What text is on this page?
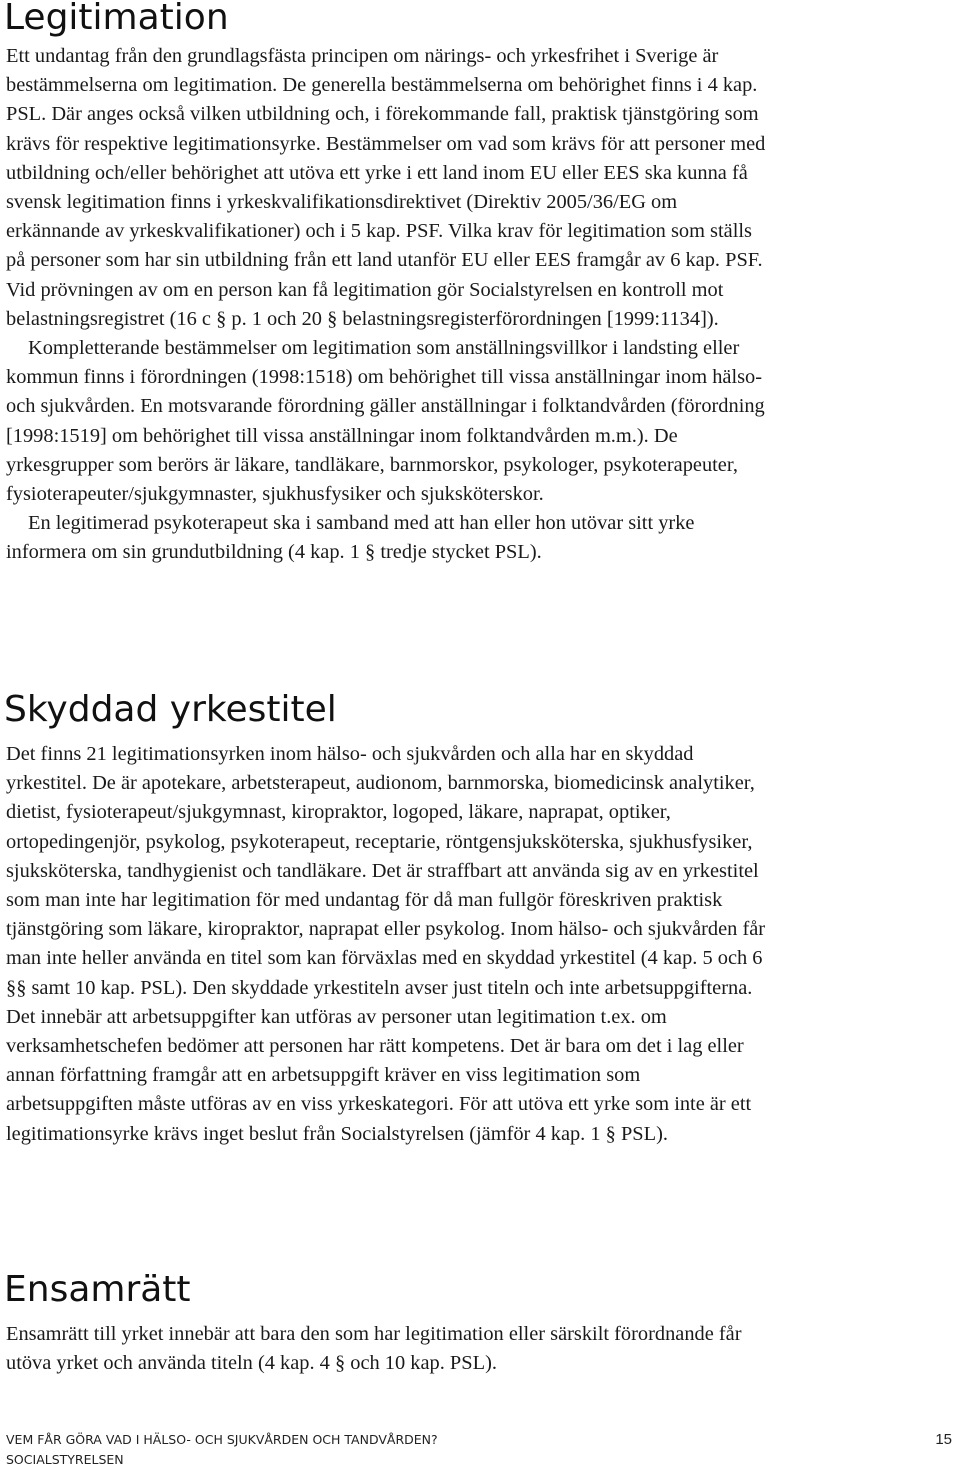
Legitimation

Ett undantag från den grundlagsfästa principen om närings- och yrkesfrihet i Sverige är bestämmelserna om legitimation. De generella bestämmelserna om behörighet finns i 4 kap. PSL. Där anges också vilken utbildning och, i förekommande fall, praktisk tjänstgöring som krävs för respektive legitimationsyrke. Bestämmelser om vad som krävs för att personer med utbildning och/eller behörighet att utöva ett yrke i ett land inom EU eller EES ska kunna få svensk legitimation finns i yrkeskvalifikationsdirektivet (Direktiv 2005/36/EG om erkännande av yrkeskvalifikationer) och i 5 kap. PSF. Vilka krav för legitimation som ställs på personer som har sin utbildning från ett land utanför EU eller EES framgår av 6 kap. PSF. Vid prövningen av om en person kan få legitimation gör Socialstyrelsen en kontroll mot belastningsregistret (16 c § p. 1 och 20 § belastningsregisterförordningen [1999:1134]).

Kompletterande bestämmelser om legitimation som anställningsvillkor i landsting eller kommun finns i förordningen (1998:1518) om behörighet till vissa anställningar inom hälso- och sjukvården. En motsvarande förordning gäller anställningar i folktandvården (förordning [1998:1519] om behörighet till vissa anställningar inom folktandvården m.m.). De yrkesgrupper som berörs är läkare, tandläkare, barnmorskor, psykologer, psykoterapeuter, fysioterapeuter/sjukgymnaster, sjukhusfysiker och sjuksköterskor.

En legitimerad psykoterapeut ska i samband med att han eller hon utövar sitt yrke informera om sin grundutbildning (4 kap. 1 § tredje stycket PSL).

Skyddad yrkestitel

Det finns 21 legitimationsyrken inom hälso- och sjukvården och alla har en skyddad yrkestitel. De är apotekare, arbetsterapeut, audionom, barnmorska, biomedicinsk analytiker, dietist, fysioterapeut/sjukgymnast, kiropraktor, logoped, läkare, naprapat, optiker, ortopedingenjör, psykolog, psykoterapeut, receptarie, röntgensjuksköterska, sjukhusfysiker, sjuksköterska, tandhygienist och tandläkare. Det är straffbart att använda sig av en yrkestitel som man inte har legitimation för med undantag för då man fullgör föreskriven praktisk tjänstgöring som läkare, kiropraktor, naprapat eller psykolog. Inom hälso- och sjukvården får man inte heller använda en titel som kan förväxlas med en skyddad yrkestitel (4 kap. 5 och 6 §§ samt 10 kap. PSL). Den skyddade yrkestiteln avser just titeln och inte arbetsuppgifterna. Det innebär att arbetsuppgifter kan utföras av personer utan legitimation t.ex. om verksamhetschefen bedömer att personen har rätt kompetens. Det är bara om det i lag eller annan författning framgår att en arbetsuppgift kräver en viss legitimation som arbetsuppgiften måste utföras av en viss yrkeskategori. För att utöva ett yrke som inte är ett legitimationsyrke krävs inget beslut från Socialstyrelsen (jämför 4 kap. 1 § PSL).

Ensamrätt

Ensamrätt till yrket innebär att bara den som har legitimation eller särskilt förordnande får utöva yrket och använda titeln (4 kap. 4 § och 10 kap. PSL).

VEM FÅR GÖRA VAD I HÄLSO- OCH SJUKVÅRDEN OCH TANDVÅRDEN?
SOCIALSTYRELSEN
15
